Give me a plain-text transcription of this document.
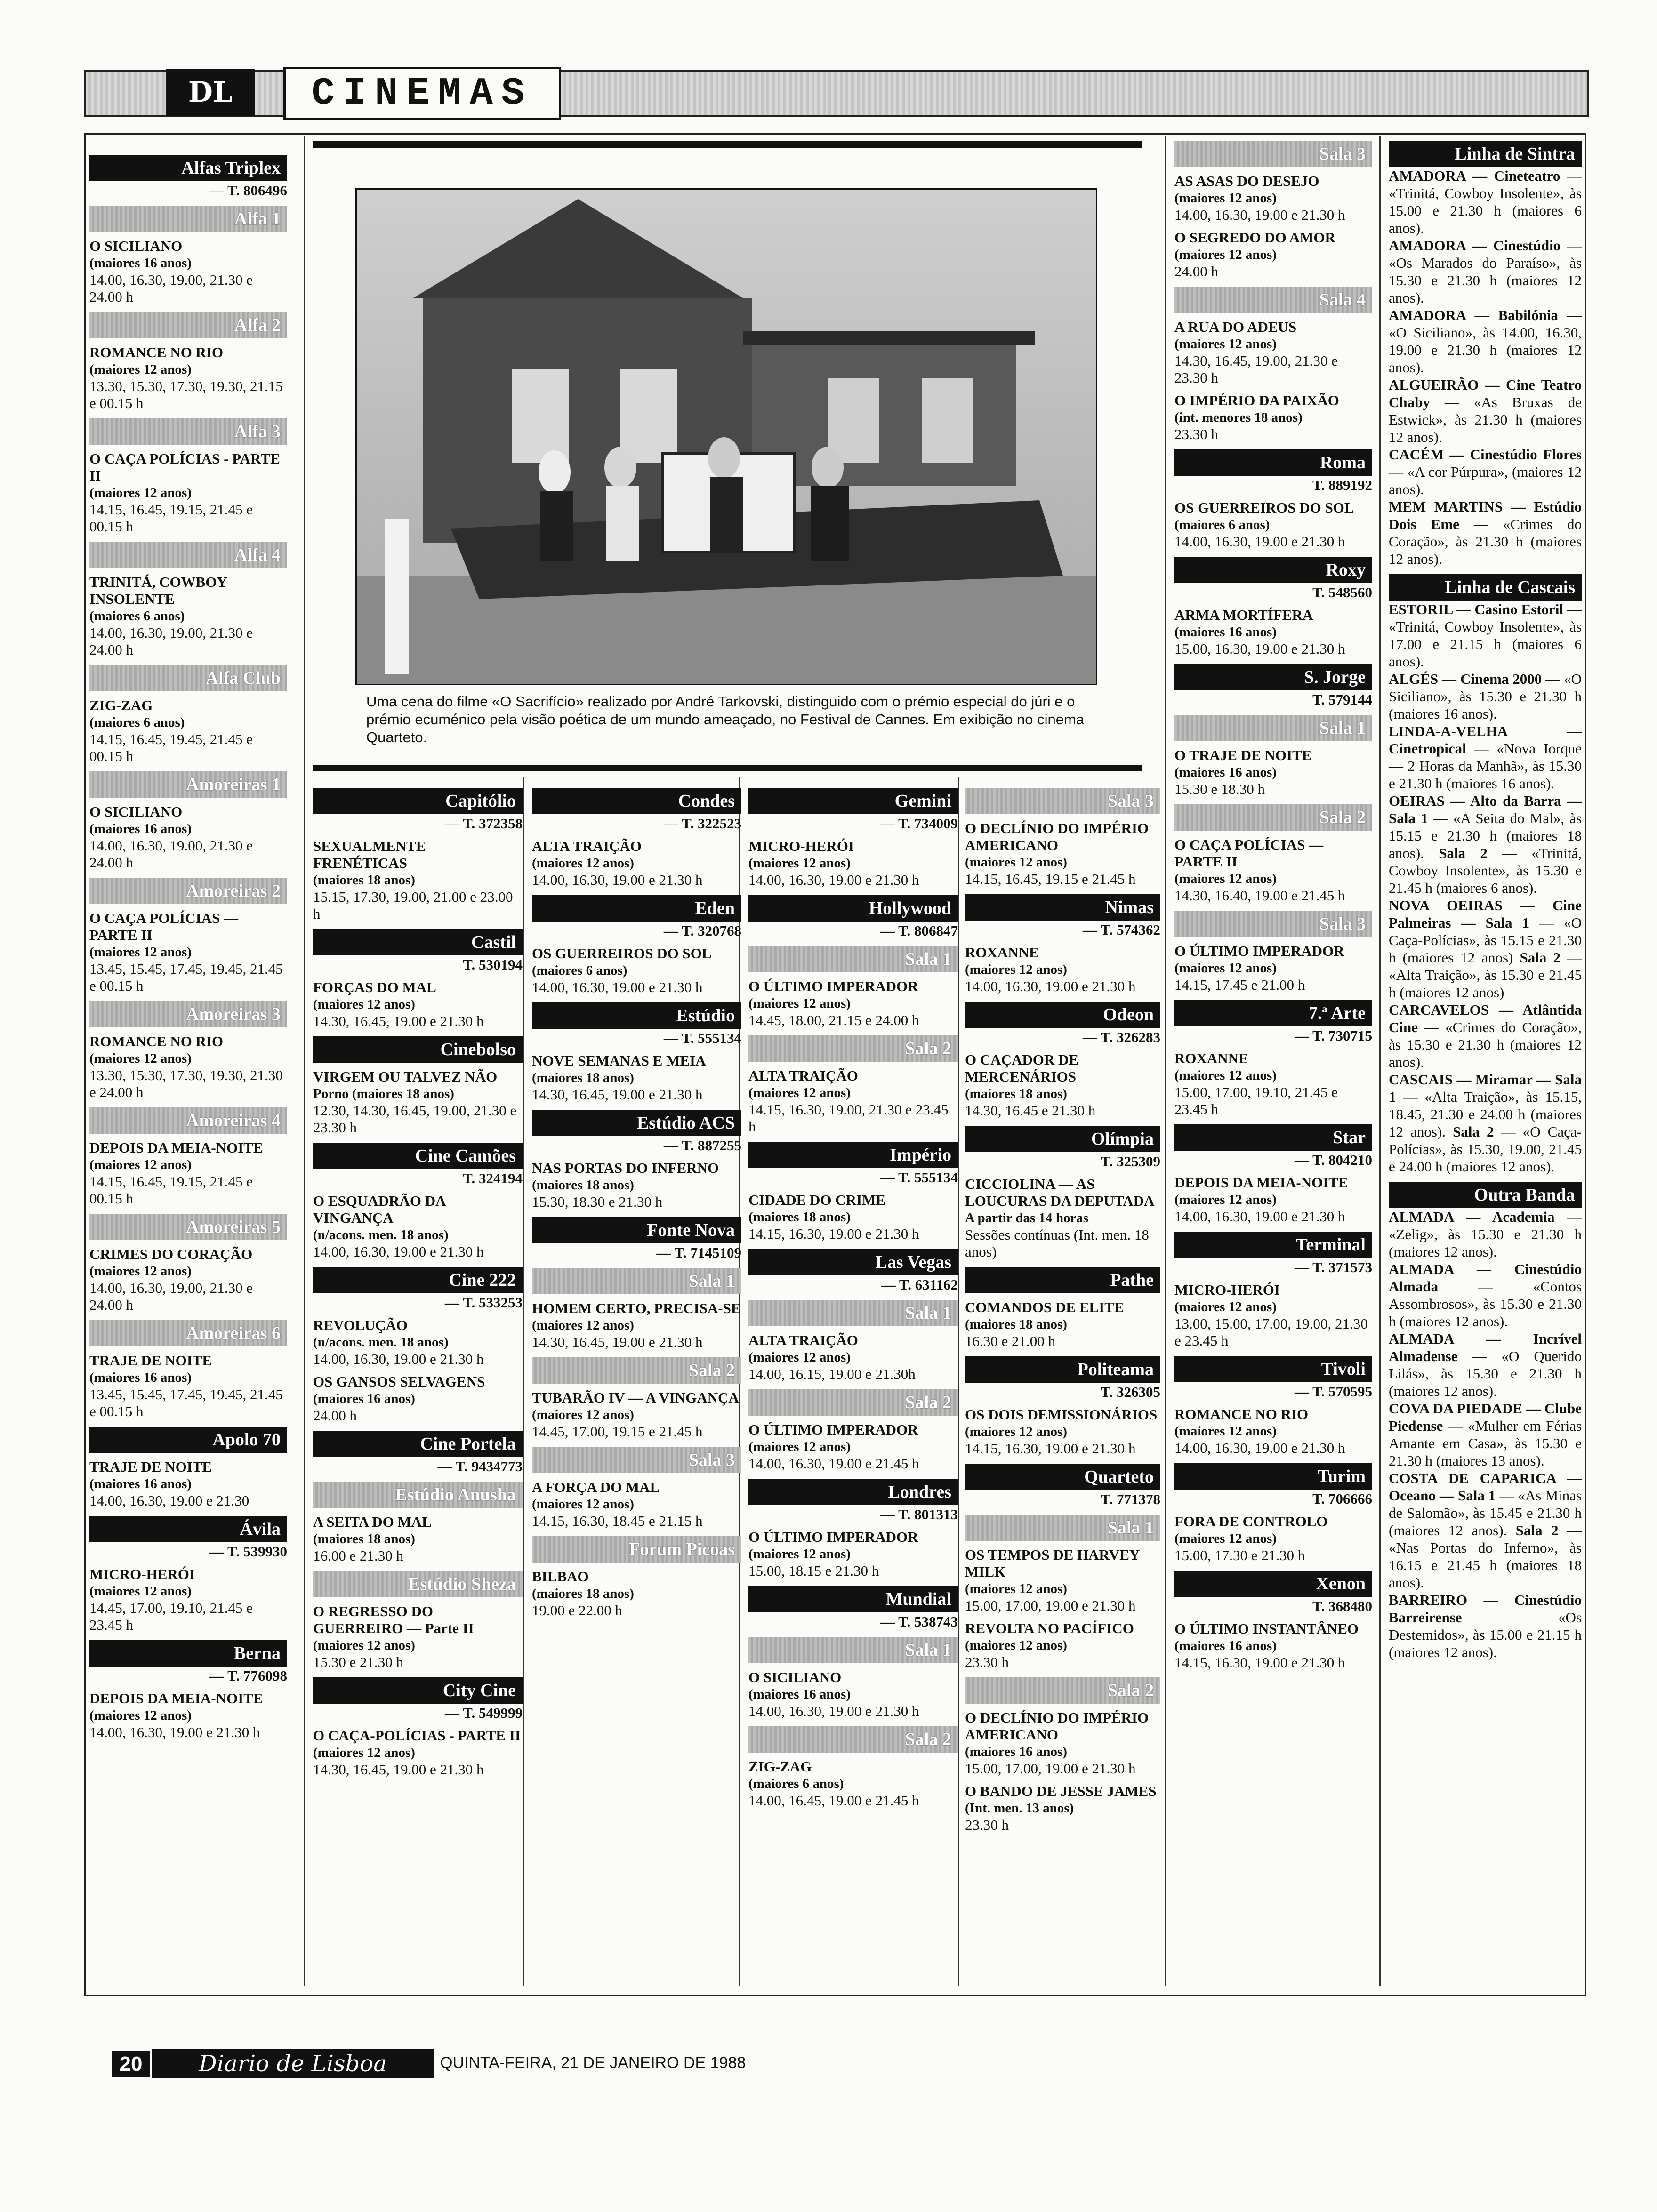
DL	CINEMAS
Uma cena do filme «O Sacrifício» realizado por André Tarkovski, distinguido com o prémio especial do júri e o prémio ecuménico pela visão poética de um mundo ameaçado, no Festival de Cannes. Em exibição no cinema Quarteto.
Alfas Triplex
— T. 806496
Alfa 1
O SICILIANO
(maiores 16 anos)
14.00, 16.30, 19.00, 21.30 e 24.00 h
Alfa 2
ROMANCE NO RIO
(maiores 12 anos)
13.30, 15.30, 17.30, 19.30, 21.15 e 00.15 h
Alfa 3
O CAÇA POLÍCIAS - PARTE II
(maiores 12 anos)
14.15, 16.45, 19.15, 21.45 e 00.15 h
Alfa 4
TRINITÁ, COWBOY INSOLENTE
(maiores 6 anos)
14.00, 16.30, 19.00, 21.30 e 24.00 h
Alfa Club
ZIG-ZAG
(maiores 6 anos)
14.15, 16.45, 19.45, 21.45 e 00.15 h
Amoreiras 1
O SICILIANO
(maiores 16 anos)
14.00, 16.30, 19.00, 21.30 e 24.00 h
Amoreiras 2
O CAÇA POLÍCIAS — PARTE II
(maiores 12 anos)
13.45, 15.45, 17.45, 19.45, 21.45 e 00.15 h
Amoreiras 3
ROMANCE NO RIO
(maiores 12 anos)
13.30, 15.30, 17.30, 19.30, 21.30 e 24.00 h
Amoreiras 4
DEPOIS DA MEIA-NOITE
(maiores 12 anos)
14.15, 16.45, 19.15, 21.45 e 00.15 h
Amoreiras 5
CRIMES DO CORAÇÃO
(maiores 12 anos)
14.00, 16.30, 19.00, 21.30 e 24.00 h
Amoreiras 6
TRAJE DE NOITE
(maiores 16 anos)
13.45, 15.45, 17.45, 19.45, 21.45 e 00.15 h
Apolo 70
TRAJE DE NOITE
(maiores 16 anos)
14.00, 16.30, 19.00 e 21.30
Ávila
— T. 539930
MICRO-HERÓI
(maiores 12 anos)
14.45, 17.00, 19.10, 21.45 e 23.45 h
Berna
— T. 776098
DEPOIS DA MEIA-NOITE
(maiores 12 anos)
14.00, 16.30, 19.00 e 21.30 h
Capitólio
— T. 372358
SEXUALMENTE FRENÉTICAS
(maiores 18 anos)
15.15, 17.30, 19.00, 21.00 e 23.00 h
Castil
T. 530194
FORÇAS DO MAL
(maiores 12 anos)
14.30, 16.45, 19.00 e 21.30 h
Cinebolso
VIRGEM OU TALVEZ NÃO
Porno (maiores 18 anos)
12.30, 14.30, 16.45, 19.00, 21.30 e 23.30 h
Cine Camões
T. 324194
O ESQUADRÃO DA VINGANÇA
(n/acons. men. 18 anos)
14.00, 16.30, 19.00 e 21.30 h
Cine 222
— T. 533253
REVOLUÇÃO
(n/acons. men. 18 anos)
14.00, 16.30, 19.00 e 21.30 h
OS GANSOS SELVAGENS
(maiores 16 anos)
24.00 h
Cine Portela
— T. 9434773
Estúdio Anusha
A SEITA DO MAL
(maiores 18 anos)
16.00 e 21.30 h
Estúdio Sheza
O REGRESSO DO GUERREIRO — Parte II
(maiores 12 anos)
15.30 e 21.30 h
City Cine
— T. 549999
O CAÇA-POLÍCIAS - PARTE II
(maiores 12 anos)
14.30, 16.45, 19.00 e 21.30 h
Condes
— T. 322523
ALTA TRAIÇÃO
(maiores 12 anos)
14.00, 16.30, 19.00 e 21.30 h
Eden
— T. 320768
OS GUERREIROS DO SOL
(maiores 6 anos)
14.00, 16.30, 19.00 e 21.30 h
Estúdio
— T. 555134
NOVE SEMANAS E MEIA
(maiores 18 anos)
14.30, 16.45, 19.00 e 21.30 h
Estúdio ACS
— T. 887255
NAS PORTAS DO INFERNO
(maiores 18 anos)
15.30, 18.30 e 21.30 h
Fonte Nova
— T. 7145109
Sala 1
HOMEM CERTO, PRECISA-SE
(maiores 12 anos)
14.30, 16.45, 19.00 e 21.30 h
Sala 2
TUBARÃO IV — A VINGANÇA
(maiores 12 anos)
14.45, 17.00, 19.15 e 21.45 h
Sala 3
A FORÇA DO MAL
(maiores 12 anos)
14.15, 16.30, 18.45 e 21.15 h
Forum Picoas
BILBAO
(maiores 18 anos)
19.00 e 22.00 h
Gemini
— T. 734009
MICRO-HERÓI
(maiores 12 anos)
14.00, 16.30, 19.00 e 21.30 h
Hollywood
— T. 806847
Sala 1
O ÚLTIMO IMPERADOR
(maiores 12 anos)
14.45, 18.00, 21.15 e 24.00 h
Sala 2
ALTA TRAIÇÃO
(maiores 12 anos)
14.15, 16.30, 19.00, 21.30 e 23.45 h
Império
— T. 555134
CIDADE DO CRIME
(maiores 18 anos)
14.15, 16.30, 19.00 e 21.30 h
Las Vegas
— T. 631162
Sala 1
ALTA TRAIÇÃO
(maiores 12 anos)
14.00, 16.15, 19.00 e 21.30h
Sala 2
O ÚLTIMO IMPERADOR
(maiores 12 anos)
14.00, 16.30, 19.00 e 21.45 h
Londres
— T. 801313
O ÚLTIMO IMPERADOR
(maiores 12 anos)
15.00, 18.15 e 21.30 h
Mundial
— T. 538743
Sala 1
O SICILIANO
(maiores 16 anos)
14.00, 16.30, 19.00 e 21.30 h
Sala 2
ZIG-ZAG
(maiores 6 anos)
14.00, 16.45, 19.00 e 21.45 h
Sala 3
O DECLÍNIO DO IMPÉRIO AMERICANO
(maiores 12 anos)
14.15, 16.45, 19.15 e 21.45 h
Nimas
— T. 574362
ROXANNE
(maiores 12 anos)
14.00, 16.30, 19.00 e 21.30 h
Odeon
— T. 326283
O CAÇADOR DE MERCENÁRIOS
(maiores 18 anos)
14.30, 16.45 e 21.30 h
Olímpia
T. 325309
CICCIOLINA — AS LOUCURAS DA DEPUTADA
A partir das 14 horas
Sessões contínuas (Int. men. 18 anos)
Pathe
COMANDOS DE ELITE
(maiores 18 anos)
16.30 e 21.00 h
Politeama
T. 326305
OS DOIS DEMISSIONÁRIOS
(maiores 12 anos)
14.15, 16.30, 19.00 e 21.30 h
Quarteto
T. 771378
Sala 1
OS TEMPOS DE HARVEY MILK
(maiores 12 anos)
15.00, 17.00, 19.00 e 21.30 h
REVOLTA NO PACÍFICO
(maiores 12 anos)
23.30 h
Sala 2
O DECLÍNIO DO IMPÉRIO AMERICANO
(maiores 16 anos)
15.00, 17.00, 19.00 e 21.30 h
O BANDO DE JESSE JAMES
(Int. men. 13 anos)
23.30 h
Sala 3
AS ASAS DO DESEJO
(maiores 12 anos)
14.00, 16.30, 19.00 e 21.30 h
O SEGREDO DO AMOR
(maiores 12 anos)
24.00 h
Sala 4
A RUA DO ADEUS
(maiores 12 anos)
14.30, 16.45, 19.00, 21.30 e 23.30 h
O IMPÉRIO DA PAIXÃO
(int. menores 18 anos)
23.30 h
Roma
T. 889192
OS GUERREIROS DO SOL
(maiores 6 anos)
14.00, 16.30, 19.00 e 21.30 h
Roxy
T. 548560
ARMA MORTÍFERA
(maiores 16 anos)
15.00, 16.30, 19.00 e 21.30 h
S. Jorge
T. 579144
Sala 1
O TRAJE DE NOITE
(maiores 16 anos)
15.30 e 18.30 h
Sala 2
O CAÇA POLÍCIAS — PARTE II
(maiores 12 anos)
14.30, 16.40, 19.00 e 21.45 h
Sala 3
O ÚLTIMO IMPERADOR
(maiores 12 anos)
14.15, 17.45 e 21.00 h
7.ª Arte
— T. 730715
ROXANNE
(maiores 12 anos)
15.00, 17.00, 19.10, 21.45 e 23.45 h
Star
— T. 804210
DEPOIS DA MEIA-NOITE
(maiores 12 anos)
14.00, 16.30, 19.00 e 21.30 h
Terminal
— T. 371573
MICRO-HERÓI
(maiores 12 anos)
13.00, 15.00, 17.00, 19.00, 21.30 e 23.45 h
Tivoli
— T. 570595
ROMANCE NO RIO
(maiores 12 anos)
14.00, 16.30, 19.00 e 21.30 h
Turim
T. 706666
FORA DE CONTROLO
(maiores 12 anos)
15.00, 17.30 e 21.30 h
Xenon
T. 368480
O ÚLTIMO INSTANTÂNEO
(maiores 16 anos)
14.15, 16.30, 19.00 e 21.30 h
Linha de Sintra
AMADORA — Cineteatro — «Trinitá, Cowboy Insolente», às 15.00 e 21.30 h (maiores 6 anos).
AMADORA — Cinestúdio — «Os Marados do Paraíso», às 15.30 e 21.30 h (maiores 12 anos).
AMADORA — Babilónia — «O Siciliano», às 14.00, 16.30, 19.00 e 21.30 h (maiores 12 anos).
ALGUEIRÃO — Cine Teatro Chaby — «As Bruxas de Estwick», às 21.30 h (maiores 12 anos).
CACÉM — Cinestúdio Flores — «A cor Púrpura», (maiores 12 anos).
MEM MARTINS — Estúdio Dois Eme — «Crimes do Coração», às 21.30 h (maiores 12 anos).
Linha de Cascais
ESTORIL — Casino Estoril — «Trinitá, Cowboy Insolente», às 17.00 e 21.15 h (maiores 6 anos).
ALGÉS — Cinema 2000 — «O Siciliano», às 15.30 e 21.30 h (maiores 16 anos).
LINDA-A-VELHA — Cinetropical — «Nova Iorque — 2 Horas da Manhã», às 15.30 e 21.30 h (maiores 16 anos).
OEIRAS — Alto da Barra — Sala 1 — «A Seita do Mal», às 15.15 e 21.30 h (maiores 18 anos). Sala 2 — «Trinitá, Cowboy Insolente», às 15.30 e 21.45 h (maiores 6 anos).
NOVA OEIRAS — Cine Palmeiras — Sala 1 — «O Caça-Polícias», às 15.15 e 21.30 h (maiores 12 anos) Sala 2 — «Alta Traição», às 15.30 e 21.45 h (maiores 12 anos)
CARCAVELOS — Atlântida Cine — «Crimes do Coração», às 15.30 e 21.30 h (maiores 12 anos).
CASCAIS — Miramar — Sala 1 — «Alta Traição», às 15.15, 18.45, 21.30 e 24.00 h (maiores 12 anos). Sala 2 — «O Caça-Polícias», às 15.30, 19.00, 21.45 e 24.00 h (maiores 12 anos).
Outra Banda
ALMADA — Academia — «Zelig», às 15.30 e 21.30 h (maiores 12 anos).
ALMADA — Cinestúdio Almada — «Contos Assombrosos», às 15.30 e 21.30 h (maiores 12 anos).
ALMADA — Incrível Almadense — «O Querido Lilás», às 15.30 e 21.30 h (maiores 12 anos).
COVA DA PIEDADE — Clube Piedense — «Mulher em Férias Amante em Casa», às 15.30 e 21.30 h (maiores 13 anos).
COSTA DE CAPARICA — Oceano — Sala 1 — «As Minas de Salomão», às 15.45 e 21.30 h (maiores 12 anos). Sala 2 — «Nas Portas do Inferno», às 16.15 e 21.45 h (maiores 18 anos).
BARREIRO — Cinestúdio Barreirense — «Os Destemidos», às 15.00 e 21.15 h (maiores 12 anos).
20	Diario de Lisboa	QUINTA-FEIRA, 21 DE JANEIRO DE 1988
